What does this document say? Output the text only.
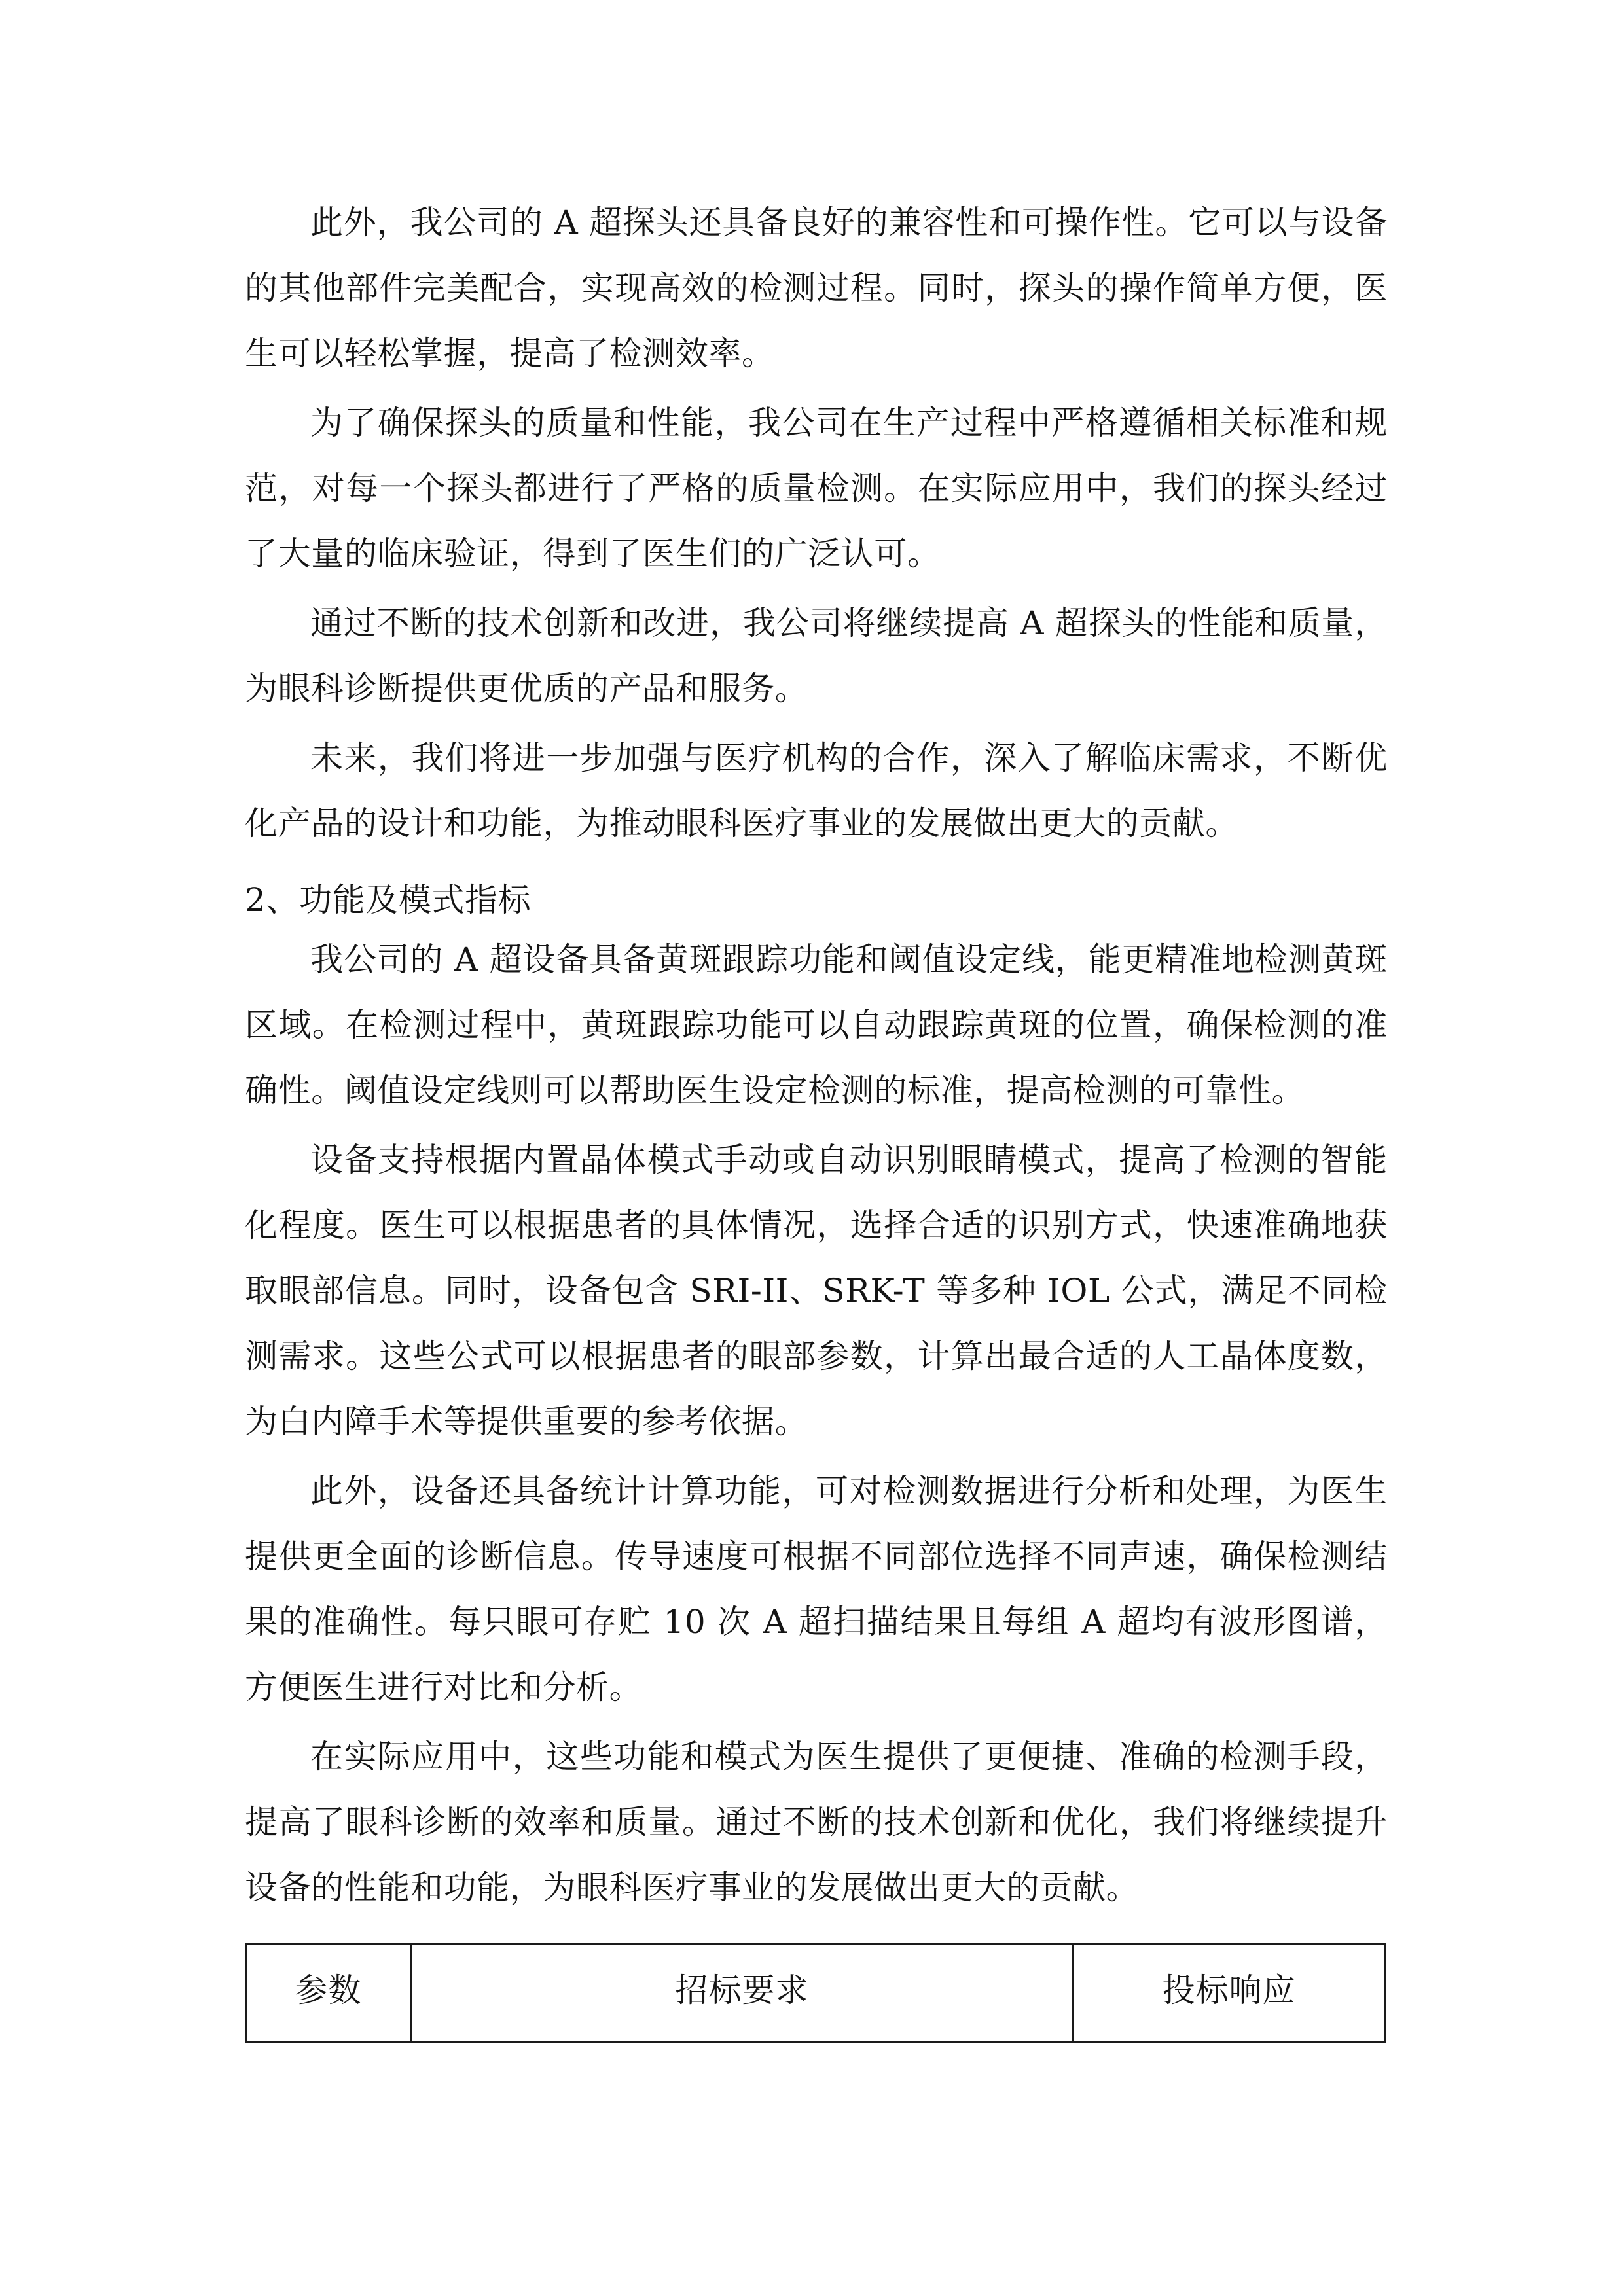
此外，我公司的 A 超探头还具备良好的兼容性和可操作性。它可以与设备的其他部件完美配合，实现高效的检测过程。同时，探头的操作简单方便，医生可以轻松掌握，提高了检测效率。

为了确保探头的质量和性能，我公司在生产过程中严格遵循相关标准和规范，对每一个探头都进行了严格的质量检测。在实际应用中，我们的探头经过了大量的临床验证，得到了医生们的广泛认可。

通过不断的技术创新和改进，我公司将继续提高 A 超探头的性能和质量，为眼科诊断提供更优质的产品和服务。

未来，我们将进一步加强与医疗机构的合作，深入了解临床需求，不断优化产品的设计和功能，为推动眼科医疗事业的发展做出更大的贡献。

2、功能及模式指标

我公司的 A 超设备具备黄斑跟踪功能和阈值设定线，能更精准地检测黄斑区域。在检测过程中，黄斑跟踪功能可以自动跟踪黄斑的位置，确保检测的准确性。阈值设定线则可以帮助医生设定检测的标准，提高检测的可靠性。

设备支持根据内置晶体模式手动或自动识别眼睛模式，提高了检测的智能化程度。医生可以根据患者的具体情况，选择合适的识别方式，快速准确地获取眼部信息。同时，设备包含 SRI-II、SRK-T 等多种 IOL 公式，满足不同检测需求。这些公式可以根据患者的眼部参数，计算出最合适的人工晶体度数，为白内障手术等提供重要的参考依据。

此外，设备还具备统计计算功能，可对检测数据进行分析和处理，为医生提供更全面的诊断信息。传导速度可根据不同部位选择不同声速，确保检测结果的准确性。每只眼可存贮 10 次 A 超扫描结果且每组 A 超均有波形图谱，方便医生进行对比和分析。

在实际应用中，这些功能和模式为医生提供了更便捷、准确的检测手段，提高了眼科诊断的效率和质量。通过不断的技术创新和优化，我们将继续提升设备的性能和功能，为眼科医疗事业的发展做出更大的贡献。

参数	招标要求	投标响应
